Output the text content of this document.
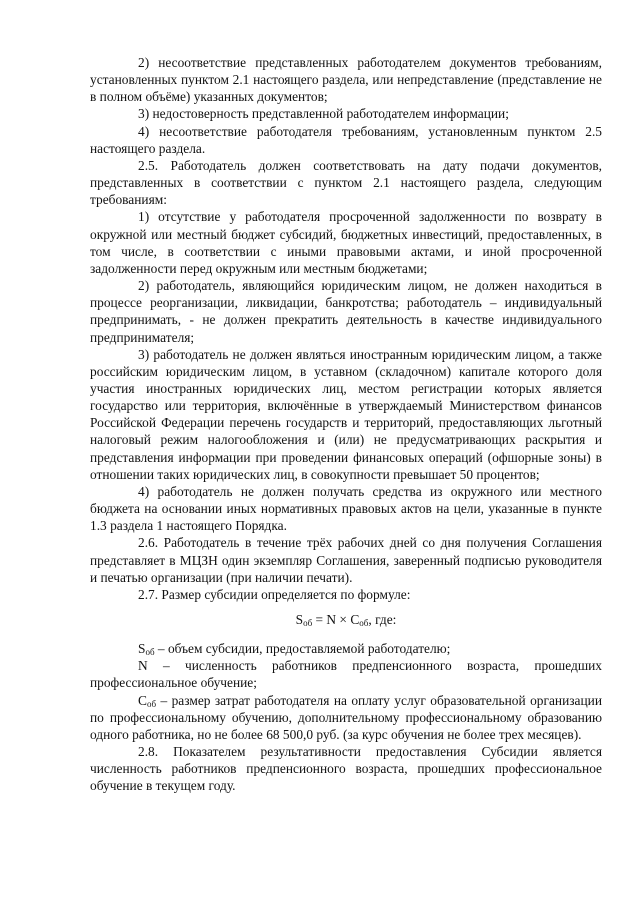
2) несоответствие представленных работодателем документов требованиям, установленных пунктом 2.1 настоящего раздела, или непредставление (представление не в полном объёме) указанных документов;

3) недостоверность представленной работодателем информации;

4) несоответствие работодателя требованиям, установленным пунктом 2.5 настоящего раздела.

2.5. Работодатель должен соответствовать на дату подачи документов, представленных в соответствии с пунктом 2.1 настоящего раздела, следующим требованиям:

1) отсутствие у работодателя просроченной задолженности по возврату в окружной или местный бюджет субсидий, бюджетных инвестиций, предоставленных, в том числе, в соответствии с иными правовыми актами, и иной просроченной задолженности перед окружным или местным бюджетами;

2) работодатель, являющийся юридическим лицом, не должен находиться в процессе реорганизации, ликвидации, банкротства; работодатель – индивидуальный предпринимать, - не должен прекратить деятельность в качестве индивидуального предпринимателя;

3) работодатель не должен являться иностранным юридическим лицом, а также российским юридическим лицом, в уставном (складочном) капитале которого доля участия иностранных юридических лиц, местом регистрации которых является государство или территория, включённые в утверждаемый Министерством финансов Российской Федерации перечень государств и территорий, предоставляющих льготный налоговый режим налогообложения и (или) не предусматривающих раскрытия и представления информации при проведении финансовых операций (офшорные зоны) в отношении таких юридических лиц, в совокупности превышает 50 процентов;

4) работодатель не должен получать средства из окружного или местного бюджета на основании иных нормативных правовых актов на цели, указанные в пункте 1.3 раздела 1 настоящего Порядка.

2.6. Работодатель в течение трёх рабочих дней со дня получения Соглашения представляет в МЦЗН один экземпляр Соглашения, заверенный подписью руководителя и печатью организации (при наличии печати).

2.7. Размер субсидии определяется по формуле:

$S_{об} = N \times C_{об}$, где:

$S_{об}$ – объем субсидии, предоставляемой работодателю;

N – численность работников предпенсионного возраста, прошедших профессиональное обучение;

$C_{об}$ – размер затрат работодателя на оплату услуг образовательной организации по профессиональному обучению, дополнительному профессиональному образованию одного работника, но не более 68 500,0 руб. (за курс обучения не более трех месяцев).

2.8. Показателем результативности предоставления Субсидии является численность работников предпенсионного возраста, прошедших профессиональное обучение в текущем году.
